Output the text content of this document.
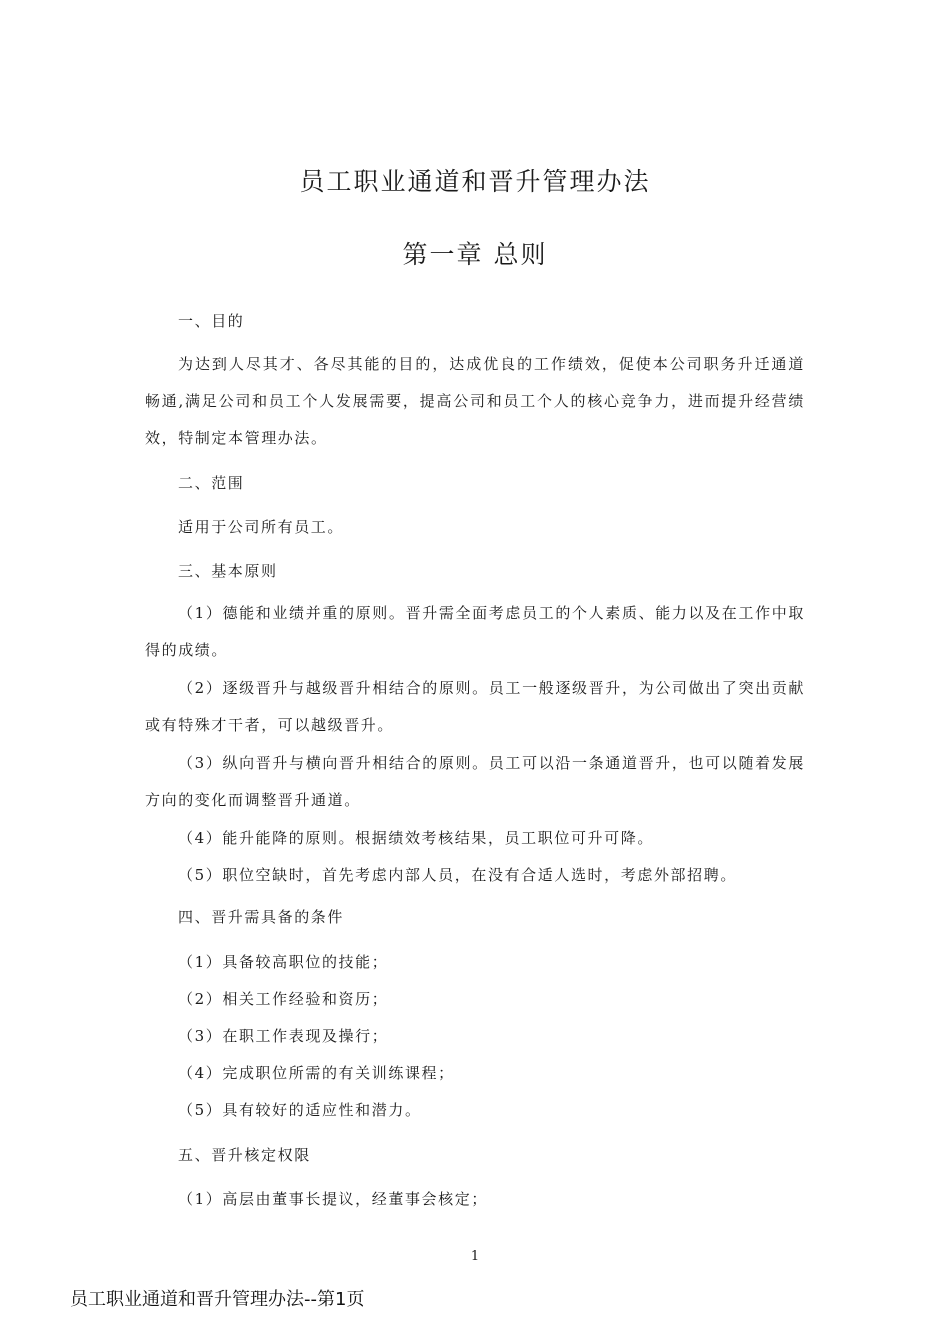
员工职业通道和晋升管理办法
第一章 总则
一、目的
为达到人尽其才、各尽其能的目的，达成优良的工作绩效，促使本公司职务升迁通道畅通,满足公司和员工个人发展需要，提高公司和员工个人的核心竞争力，进而提升经营绩效，特制定本管理办法。
二、范围
适用于公司所有员工。
三、基本原则
（1）德能和业绩并重的原则。晋升需全面考虑员工的个人素质、能力以及在工作中取得的成绩。
（2）逐级晋升与越级晋升相结合的原则。员工一般逐级晋升，为公司做出了突出贡献或有特殊才干者，可以越级晋升。
（3）纵向晋升与横向晋升相结合的原则。员工可以沿一条通道晋升，也可以随着发展方向的变化而调整晋升通道。
（4）能升能降的原则。根据绩效考核结果，员工职位可升可降。
（5）职位空缺时，首先考虑内部人员，在没有合适人选时，考虑外部招聘。
四、晋升需具备的条件
（1）具备较高职位的技能；
（2）相关工作经验和资历；
（3）在职工作表现及操行；
（4）完成职位所需的有关训练课程；
（5）具有较好的适应性和潜力。
五、晋升核定权限
（1）高层由董事长提议，经董事会核定；
1
员工职业通道和晋升管理办法--第1页
